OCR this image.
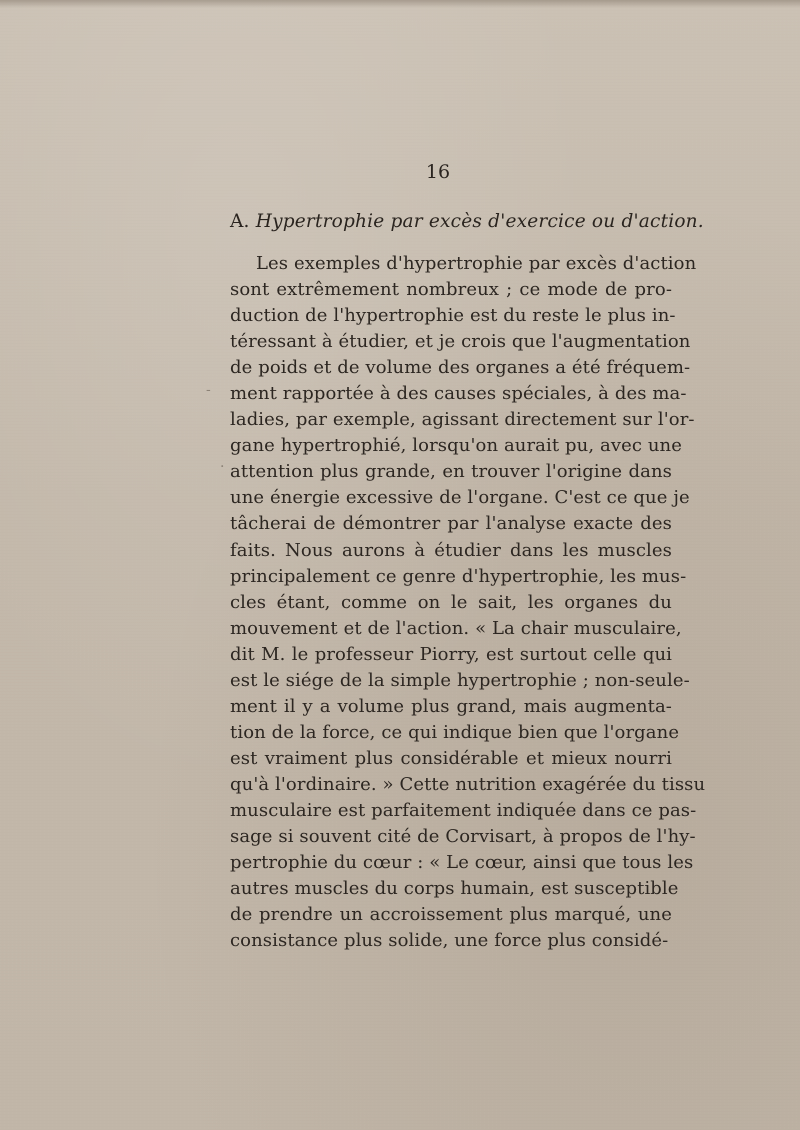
16
A. Hypertrophie par excès d'exercice ou d'action.
Les exemples d'hypertrophie par excès d'action
sont extrêmement nombreux ; ce mode de pro-
duction de l'hypertrophie est du reste le plus in-
téressant à étudier, et je crois que l'augmentation
de poids et de volume des organes a été fréquem-
ment rapportée à des causes spéciales, à des ma-
ladies, par exemple, agissant directement sur l'or-
gane hypertrophié, lorsqu'on aurait pu, avec une
attention plus grande, en trouver l'origine dans
une énergie excessive de l'organe. C'est ce que je
tâcherai de démontrer par l'analyse exacte des
faits. Nous aurons à étudier dans les muscles
principalement ce genre d'hypertrophie, les mus-
cles étant, comme on le sait, les organes du
mouvement et de l'action. « La chair musculaire,
dit M. le professeur Piorry, est surtout celle qui
est le siége de la simple hypertrophie ; non-seule-
ment il y a volume plus grand, mais augmenta-
tion de la force, ce qui indique bien que l'organe
est vraiment plus considérable et mieux nourri
qu'à l'ordinaire. » Cette nutrition exagérée du tissu
musculaire est parfaitement indiquée dans ce pas-
sage si souvent cité de Corvisart, à propos de l'hy-
pertrophie du cœur : « Le cœur, ainsi que tous les
autres muscles du corps humain, est susceptible
de prendre un accroissement plus marqué, une
consistance plus solide, une force plus considé-
-
·
